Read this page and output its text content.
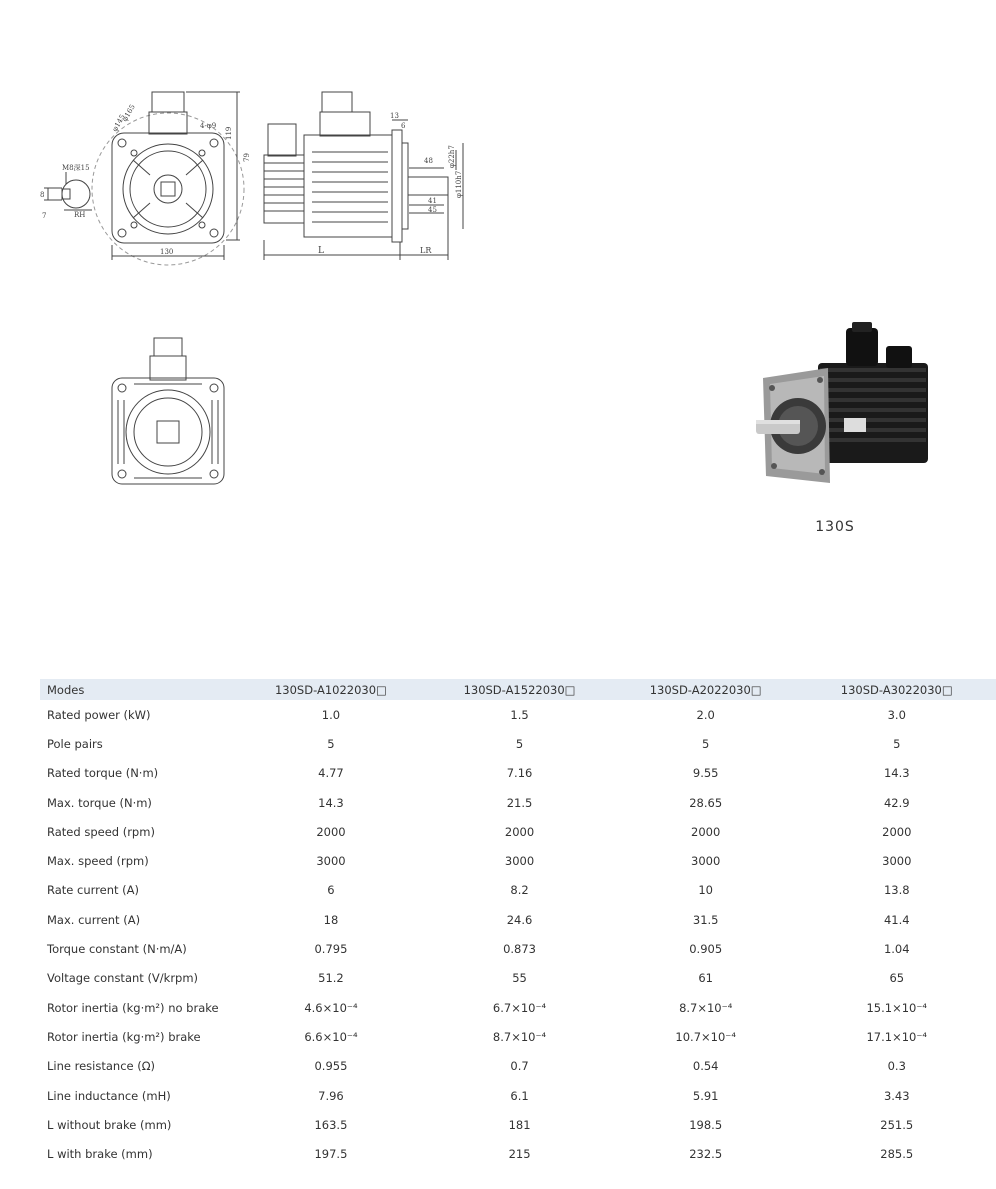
M8深15
8
7	RH
φ165
φ145	4-φ9
130
79
119
13
6
48
41
45
φ22h7
φ110h7
L	LR
130S
Modes	130SD-A1022030□	130SD-A1522030□	130SD-A2022030□	130SD-A3022030□
Rated power (kW)	1.0	1.5	2.0	3.0
Pole pairs	5	5	5	5
Rated torque (N·m)	4.77	7.16	9.55	14.3
Max. torque (N·m)	14.3	21.5	28.65	42.9
Rated speed (rpm)	2000	2000	2000	2000
Max. speed (rpm)	3000	3000	3000	3000
Rate current (A)	6	8.2	10	13.8
Max. current (A)	18	24.6	31.5	41.4
Torque constant (N·m/A)	0.795	0.873	0.905	1.04
Voltage constant (V/krpm)	51.2	55	61	65
Rotor inertia (kg·m²) no brake	4.6×10⁻⁴	6.7×10⁻⁴	8.7×10⁻⁴	15.1×10⁻⁴
Rotor inertia (kg·m²) brake	6.6×10⁻⁴	8.7×10⁻⁴	10.7×10⁻⁴	17.1×10⁻⁴
Line resistance (Ω)	0.955	0.7	0.54	0.3
Line inductance (mH)	7.96	6.1	5.91	3.43
L without brake (mm)	163.5	181	198.5	251.5
L with brake (mm)	197.5	215	232.5	285.5
